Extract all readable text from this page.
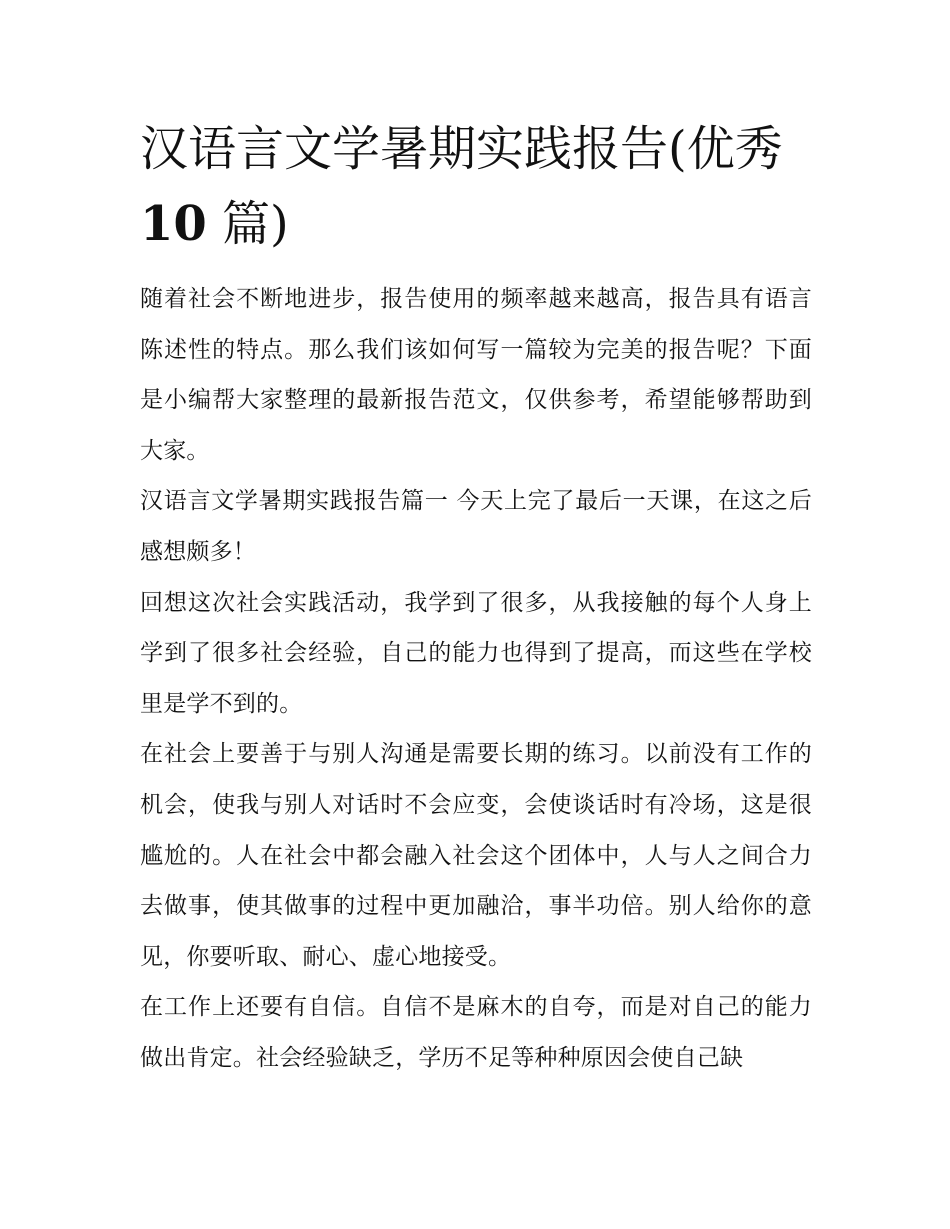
汉语言文学暑期实践报告(优秀
10 篇)

随着社会不断地进步，报告使用的频率越来越高，报告具有语言陈述性的特点。那么我们该如何写一篇较为完美的报告呢？下面是小编帮大家整理的最新报告范文，仅供参考，希望能够帮助到大家。

汉语言文学暑期实践报告篇一 今天上完了最后一天课，在这之后感想颇多！

回想这次社会实践活动，我学到了很多，从我接触的每个人身上学到了很多社会经验，自己的能力也得到了提高，而这些在学校里是学不到的。

在社会上要善于与别人沟通是需要长期的练习。以前没有工作的机会，使我与别人对话时不会应变，会使谈话时有冷场，这是很尴尬的。人在社会中都会融入社会这个团体中，人与人之间合力去做事，使其做事的过程中更加融洽，事半功倍。别人给你的意见，你要听取、耐心、虚心地接受。

在工作上还要有自信。自信不是麻木的自夸，而是对自己的能力做出肯定。社会经验缺乏，学历不足等种种原因会使自己缺
